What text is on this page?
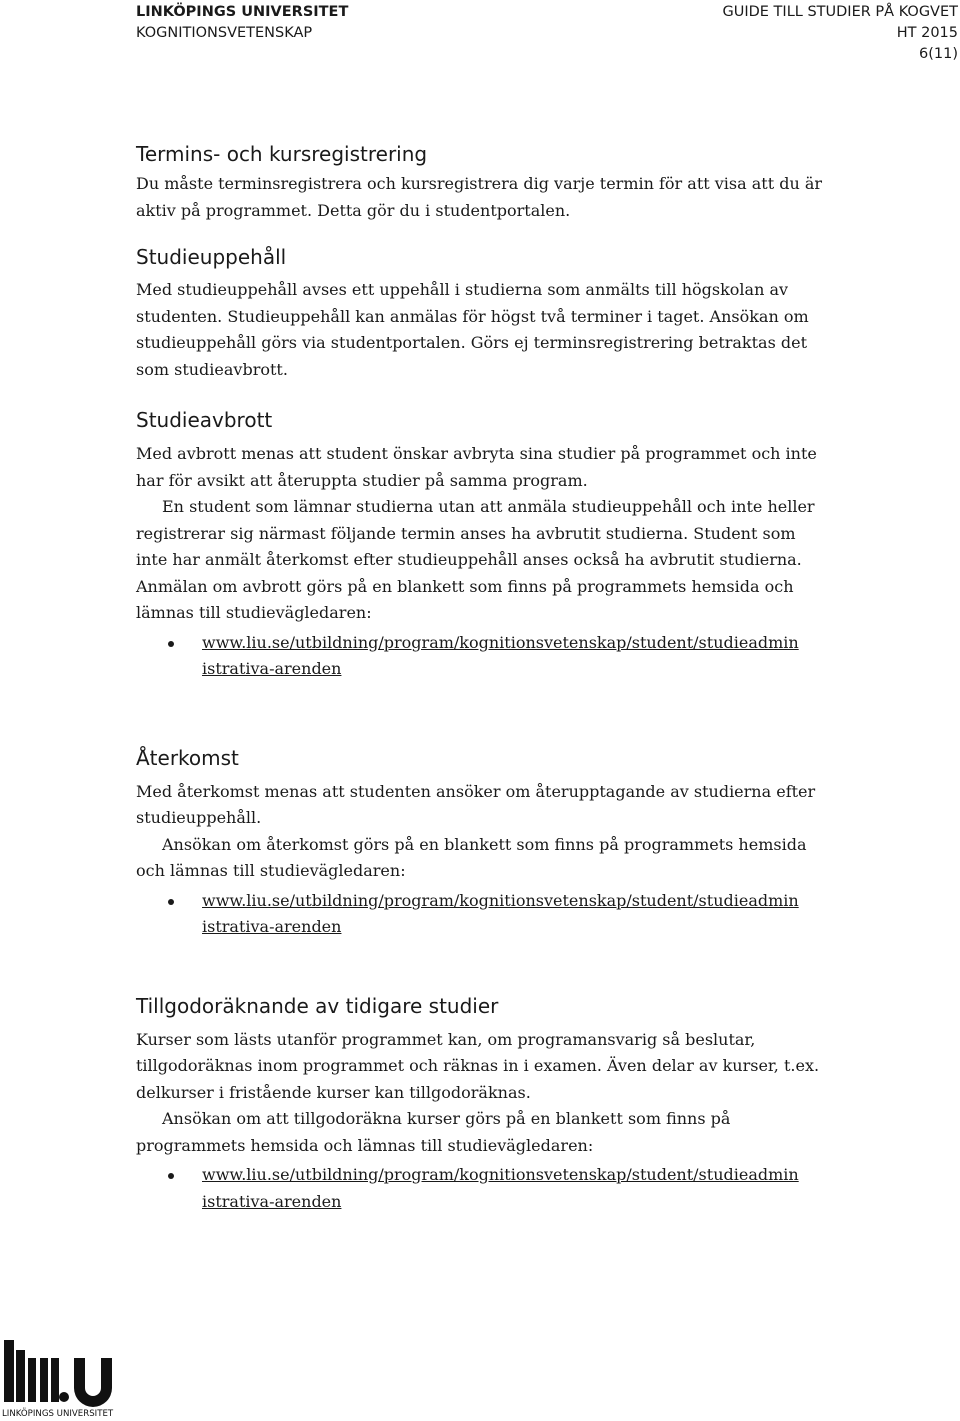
LINKÖPINGS UNIVERSITET
KOGNITIONSVETENSKAP
GUIDE TILL STUDIER PÅ KOGVET
HT 2015
6(11)
Termins- och kursregistrering

Du måste terminsregistrera och kursregistrera dig varje termin för att visa att du är

aktiv på programmet. Detta gör du i studentportalen.

Studieuppehåll

Med studieuppehåll avses ett uppehåll i studierna som anmälts till högskolan av

studenten. Studieuppehåll kan anmälas för högst två terminer i taget. Ansökan om

studieuppehåll görs via studentportalen. Görs ej terminsregistrering betraktas det

som studieavbrott.

Studieavbrott

Med avbrott menas att student önskar avbryta sina studier på programmet och inte

har för avsikt att återuppta studier på samma program.

En student som lämnar studierna utan att anmäla studieuppehåll och inte heller

registrerar sig närmast följande termin anses ha avbrutit studierna. Student som

inte har anmält återkomst efter studieuppehåll anses också ha avbrutit studierna.

Anmälan om avbrott görs på en blankett som finns på programmets hemsida och

lämnas till studievägledaren:

www.liu.se/utbildning/program/kognitionsvetenskap/student/studieadmin
istrativa-arenden
Återkomst

Med återkomst menas att studenten ansöker om återupptagande av studierna efter

studieuppehåll.

Ansökan om återkomst görs på en blankett som finns på programmets hemsida

och lämnas till studievägledaren:

www.liu.se/utbildning/program/kognitionsvetenskap/student/studieadmin
istrativa-arenden
Tillgodoräknande av tidigare studier

Kurser som lästs utanför programmet kan, om programansvarig så beslutar,

tillgodoräknas inom programmet och räknas in i examen. Även delar av kurser, t.ex.

delkurser i fristående kurser kan tillgodoräknas.

Ansökan om att tillgodoräkna kurser görs på en blankett som finns på

programmets hemsida och lämnas till studievägledaren:

www.liu.se/utbildning/program/kognitionsvetenskap/student/studieadmin
istrativa-arenden
LINKÖPINGS UNIVERSITET
